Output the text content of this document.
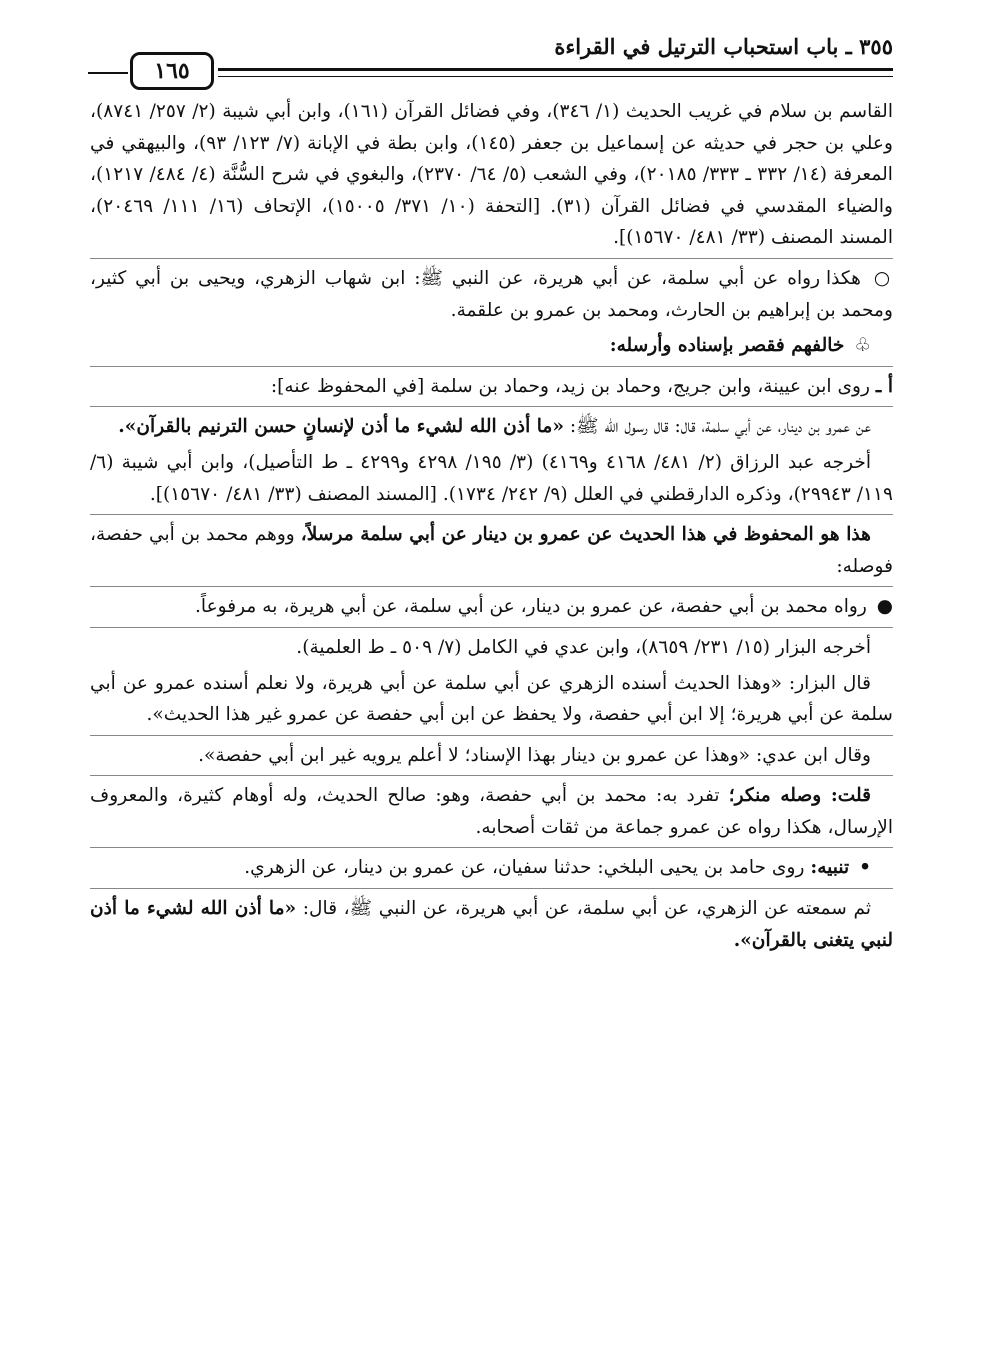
٣٥٥ ـ باب استحباب الترتيل في القراءة
١٦٥

القاسم بن سلام في غريب الحديث (١/ ٣٤٦)، وفي فضائل القرآن (١٦١)، وابن أبي شيبة (٢/ ٢٥٧/ ٨٧٤١)، وعلي بن حجر في حديثه عن إسماعيل بن جعفر (١٤٥)، وابن بطة في الإبانة (٧/ ١٢٣/ ٩٣)، والبيهقي في المعرفة (١٤/ ٣٣٢ ـ ٣٣٣/ ٢٠١٨٥)، وفي الشعب (٥/ ٦٤/ ٢٣٧٠)، والبغوي في شرح السُّنَّة (٤/ ٤٨٤/ ١٢١٧)، والضياء المقدسي في فضائل القرآن (٣١). [التحفة (١٠/ ٣٧١/ ١٥٠٠٥)، الإتحاف (١٦/ ١١١/ ٢٠٤٦٩)، المسند المصنف (٣٣/ ٤٨١/ ١٥٦٧٠)].

○ هكذا رواه عن أبي سلمة، عن أبي هريرة، عن النبي ﷺ: ابن شهاب الزهري، ويحيى بن أبي كثير، ومحمد بن إبراهيم بن الحارث، ومحمد بن عمرو بن علقمة.

♧ خالفهم فقصر بإسناده وأرسله:

أ ـ روى ابن عيينة، وابن جريج، وحماد بن زيد، وحماد بن سلمة [في المحفوظ عنه]:

عن عمرو بن دينار، عن أبي سلمة، قال: قال رسول الله ﷺ: «ما أذن الله لشيء ما أذن لإنسانٍ حسن الترنيم بالقرآن».

أخرجه عبد الرزاق (٢/ ٤٨١/ ٤١٦٨ و٤١٦٩) (٣/ ١٩٥/ ٤٢٩٨ و٤٢٩٩ ـ ط التأصيل)، وابن أبي شيبة (٦/ ١١٩/ ٢٩٩٤٣)، وذكره الدارقطني في العلل (٩/ ٢٤٢/ ١٧٣٤). [المسند المصنف (٣٣/ ٤٨١/ ١٥٦٧٠)].

هذا هو المحفوظ في هذا الحديث عن عمرو بن دينار عن أبي سلمة مرسلاً، ووهم محمد بن أبي حفصة، فوصله:

● رواه محمد بن أبي حفصة، عن عمرو بن دينار، عن أبي سلمة، عن أبي هريرة، به مرفوعاً.

أخرجه البزار (١٥/ ٢٣١/ ٨٦٥٩)، وابن عدي في الكامل (٧/ ٥٠٩ ـ ط العلمية).

قال البزار: «وهذا الحديث أسنده الزهري عن أبي سلمة عن أبي هريرة، ولا نعلم أسنده عمرو عن أبي سلمة عن أبي هريرة؛ إلا ابن أبي حفصة، ولا يحفظ عن ابن أبي حفصة عن عمرو غير هذا الحديث».

وقال ابن عدي: «وهذا عن عمرو بن دينار بهذا الإسناد؛ لا أعلم يرويه غير ابن أبي حفصة».

قلت: وصله منكر؛ تفرد به: محمد بن أبي حفصة، وهو: صالح الحديث، وله أوهام كثيرة، والمعروف الإرسال، هكذا رواه عن عمرو جماعة من ثقات أصحابه.

• تنبيه: روى حامد بن يحيى البلخي: حدثنا سفيان، عن عمرو بن دينار، عن الزهري.

ثم سمعته عن الزهري، عن أبي سلمة، عن أبي هريرة، عن النبي ﷺ، قال: «ما أذن الله لشيء ما أذن لنبي يتغنى بالقرآن».
